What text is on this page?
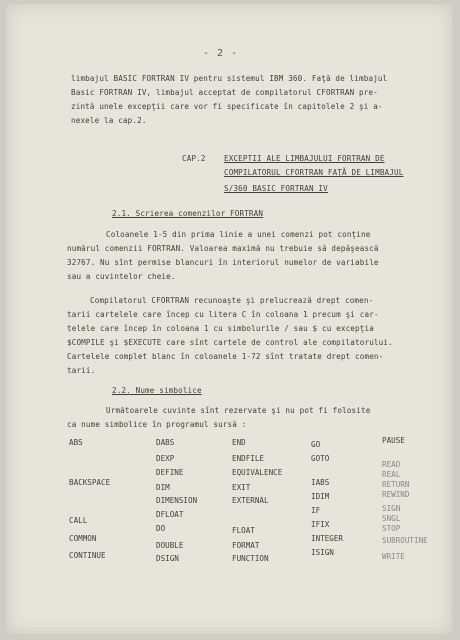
- 2 -
limbajul BASIC FORTRAN IV pentru sistemul IBM 360. Faţă de limbajul
Basic FORTRAN IV, limbajul acceptat de compilatorul CFORTRAN pre-
zintă unele excepţii care vor fi specificate în capitolele 2 şi a-
nexele la cap.2.
CAP.2 EXCEPTII ALE LIMBAJULUI FORTRAN DE
COMPILATORUL CFORTRAN FAŢĂ DE LIMBAJUL
S/360 BASIC FORTRAN IV
2.1. Scrierea comenzilor FORTRAN
Coloanele 1-5 din prima linie a unei comenzi pot conţine
numărul comenzii FORTRAN. Valoarea maximă nu trebuie să depăşească
32767. Nu sînt permise blancuri în interiorul numelor de variabile
sau a cuvintelor cheie.
Compilatorul CFORTRAN recunoaşte şi prelucrează drept comen-
tarii cartelele care încep cu litera C în coloana 1 precum şi car-
telele care încep în coloana 1 cu simbolurile / sau $ cu excepţia
$COMPILE şi $EXECUTE care sînt cartele de control ale compilatorului.
Cartelele complet blanc în coloanele 1-72 sînt tratate drept comen-
tarii.
2.2. Nume simbolice
Următoarele cuvinte sînt rezervate şi nu pot fi folosite
ca nume simbolice în programul sursă :
ABS
BACKSPACE
CALL
COMMON
CONTINUE
DABS
DEXP
DEFINE
DIM
DIMENSION
DFLOAT
DO
DOUBLE
DSIGN
END
ENDFILE
EQUIVALENCE
EXIT
EXTERNAL
FLOAT
FORMAT
FUNCTION
GO
GOTO
IABS
IDIM
IF
IFIX
INTEGER
ISIGN
PAUSE
READ
REAL
RETURN
REWIND
SIGN
SNGL
STOP
SUBROUTINE
WRITE
